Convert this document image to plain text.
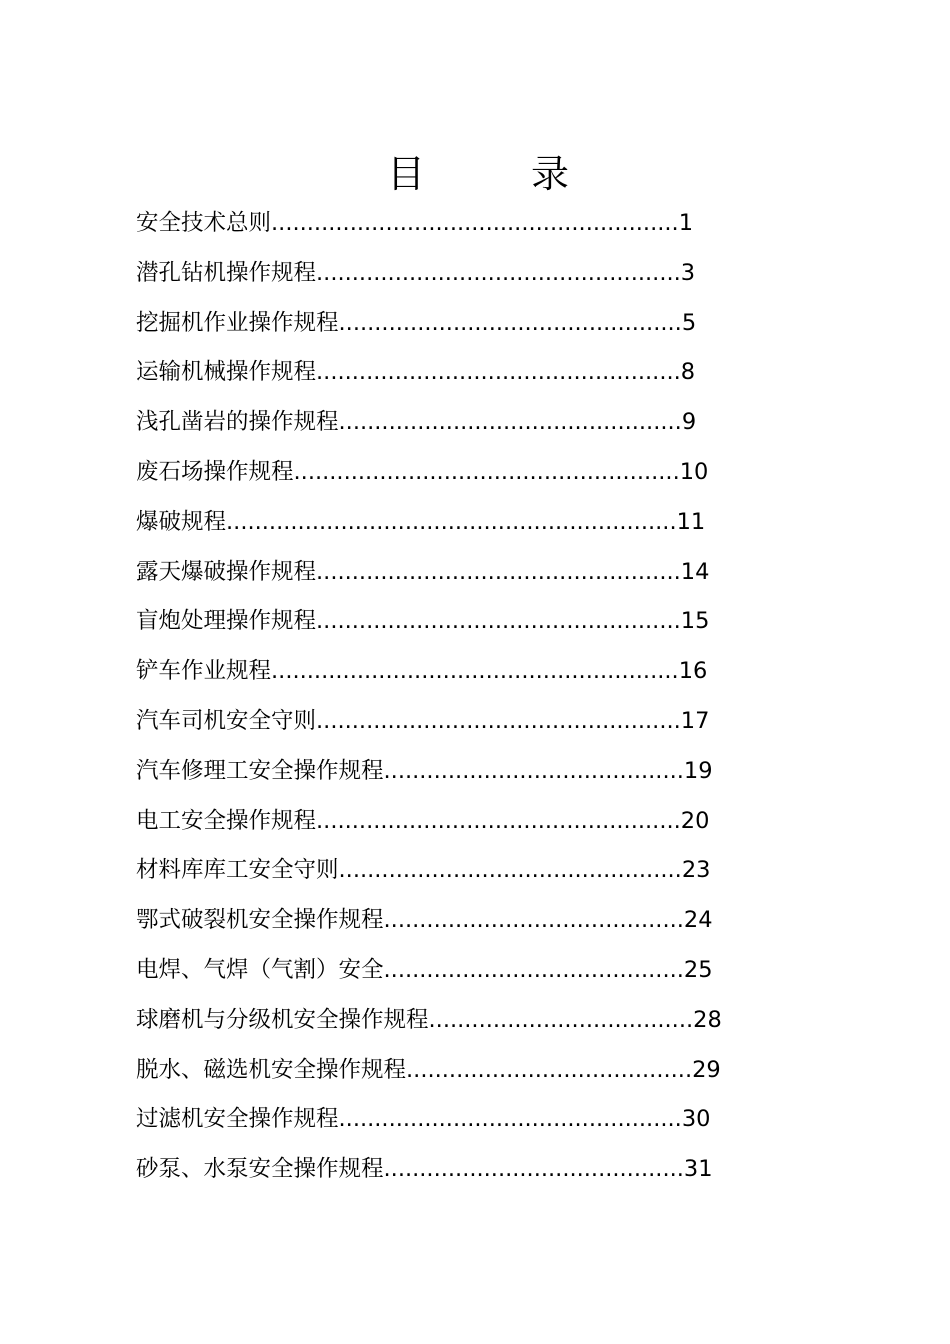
目　录
安全技术总则.........................................................1
潜孔钻机操作规程...................................................3
挖掘机作业操作规程................................................5
运输机械操作规程...................................................8
浅孔凿岩的操作规程................................................9
废石场操作规程......................................................10
爆破规程...............................................................11
露天爆破操作规程...................................................14
盲炮处理操作规程...................................................15
铲车作业规程.........................................................16
汽车司机安全守则...................................................17
汽车修理工安全操作规程..........................................19
电工安全操作规程...................................................20
材料库库工安全守则................................................23
鄂式破裂机安全操作规程..........................................24
电焊、气焊（气割）安全..........................................25
球磨机与分级机安全操作规程.....................................28
脱水、磁选机安全操作规程........................................29
过滤机安全操作规程................................................30
砂泵、水泵安全操作规程..........................................31
